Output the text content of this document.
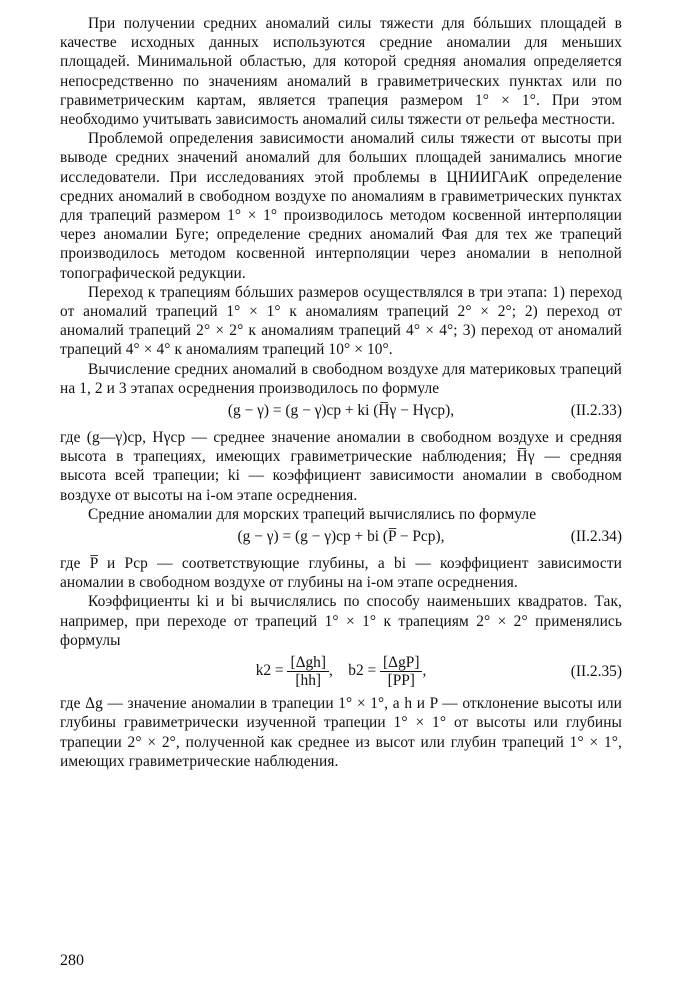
При получении средних аномалий силы тяжести для бóльших площадей в качестве исходных данных используются средние аномалии для меньших площадей. Минимальной областью, для которой средняя аномалия определяется непосредственно по значениям аномалий в гравиметрических пунктах или по гравиметрическим картам, является трапеция размером 1° × 1°. При этом необходимо учитывать зависимость аномалий силы тяжести от рельефа местности.

Проблемой определения зависимости аномалий силы тяжести от высоты при выводе средних значений аномалий для больших площадей занимались многие исследователи. При исследованиях этой проблемы в ЦНИИГАиК определение средних аномалий в свободном воздухе по аномалиям в гравиметрических пунктах для трапеций размером 1° × 1° производилось методом косвенной интерполяции через аномалии Буге; определение средних аномалий Фая для тех же трапеций производилось методом косвенной интерполяции через аномалии в неполной топографической редукции.

Переход к трапециям бóльших размеров осуществлялся в три этапа: 1) переход от аномалий трапеций 1° × 1° к аномалиям трапеций 2° × 2°; 2) переход от аномалий трапеций 2° × 2° к аномалиям трапеций 4° × 4°; 3) переход от аномалий трапеций 4° × 4° к аномалиям трапеций 10° × 10°.

Вычисление средних аномалий в свободном воздухе для материковых трапеций на 1, 2 и 3 этапах осреднения производилось по формуле

(g − γ) = (g − γ)ср + ki (H̅γ − Hγср),	(II.2.33)

где (g—γ)ср, Hγср — среднее значение аномалии в свободном воздухе и средняя высота в трапециях, имеющих гравиметрические наблюдения; H̅γ — средняя высота всей трапеции; ki — коэффициент зависимости аномалии в свободном воздухе от высоты на i-ом этапе осреднения.

Средние аномалии для морских трапеций вычислялись по формуле

(g − γ) = (g − γ)ср + bi (P̅ − Pср),	(II.2.34)

где P̅ и Pср — соответствующие глубины, а bi — коэффициент зависимости аномалии в свободном воздухе от глубины на i-ом этапе осреднения.

Коэффициенты ki и bi вычислялись по способу наименьших квадратов. Так, например, при переходе от трапеций 1° × 1° к трапециям 2° × 2° применялись формулы

k2 = [Δgh]
[hh]
,    b2 = [ΔgP]
[PP]
,	(II.2.35)

где Δg — значение аномалии в трапеции 1° × 1°, а h и P — отклонение высоты или глубины гравиметрически изученной трапеции 1° × 1° от высоты или глубины трапеции 2° × 2°, полученной как среднее из высот или глубин трапеций 1° × 1°, имеющих гравиметрические наблюдения.

280
